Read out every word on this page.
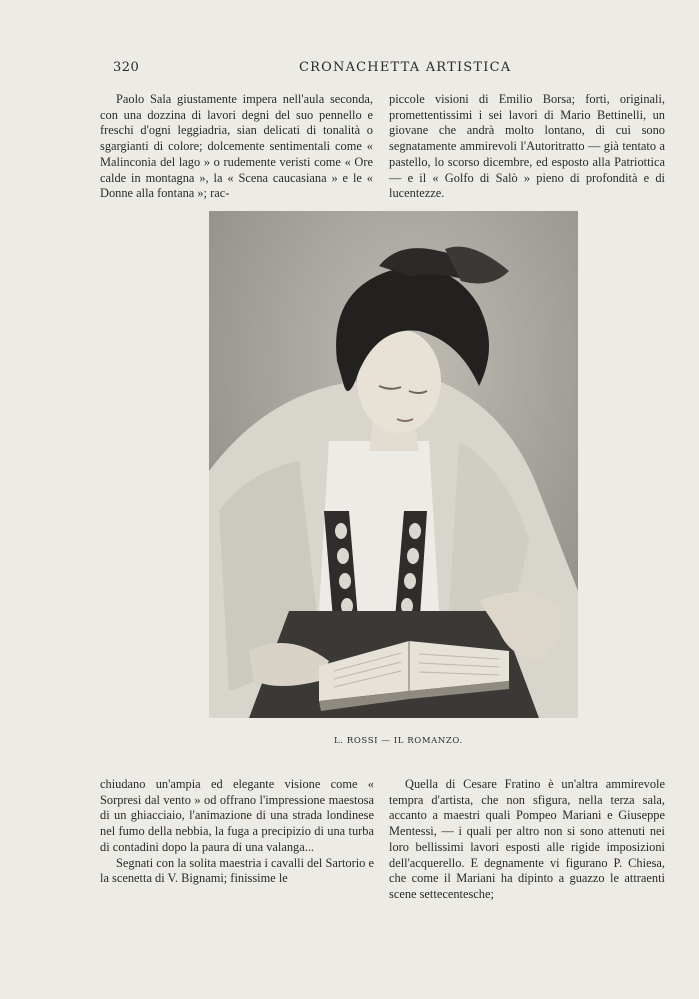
320	CRONACHETTA ARTISTICA

Paolo Sala giustamente impera nell'aula seconda, con una dozzina di lavori degni del suo pennello e freschi d'ogni leggiadria, sian delicati di tonalità o sgargianti di colore; dolcemente sentimentali come « Malinconia del lago » o rudemente veristi come « Ore calde in montagna », la « Scena caucasiana » e le « Donne alla fontana »; rac-

piccole visioni di Emilio Borsa; forti, originali, promettentissimi i sei lavori di Mario Bettinelli, un giovane che andrà molto lontano, di cui sono segnatamente ammirevoli l'Autoritratto — già tentato a pastello, lo scorso dicembre, ed esposto alla Patriottica — e il « Golfo di Salò » pieno di profondità e di lucentezze.

L. ROSSI — IL ROMANZO.

chiudano un'ampia ed elegante visione come « Sorpresi dal vento » od offrano l'impressione maestosa di un ghiacciaio, l'animazione di una strada londinese nel fumo della nebbia, la fuga a precipizio di una turba di contadini dopo la paura di una valanga...

Segnati con la solita maestria i cavalli del Sartorio e la scenetta di V. Bignami; finissime le

Quella di Cesare Fratino è un'altra ammirevole tempra d'artista, che non sfigura, nella terza sala, accanto a maestri quali Pompeo Mariani e Giuseppe Mentessi, — i quali per altro non si sono attenuti nei loro bellissimi lavori esposti alle rigide imposizioni dell'acquerello. E degnamente vi figurano P. Chiesa, che come il Mariani ha dipinto a guazzo le attraenti scene settecentesche;
